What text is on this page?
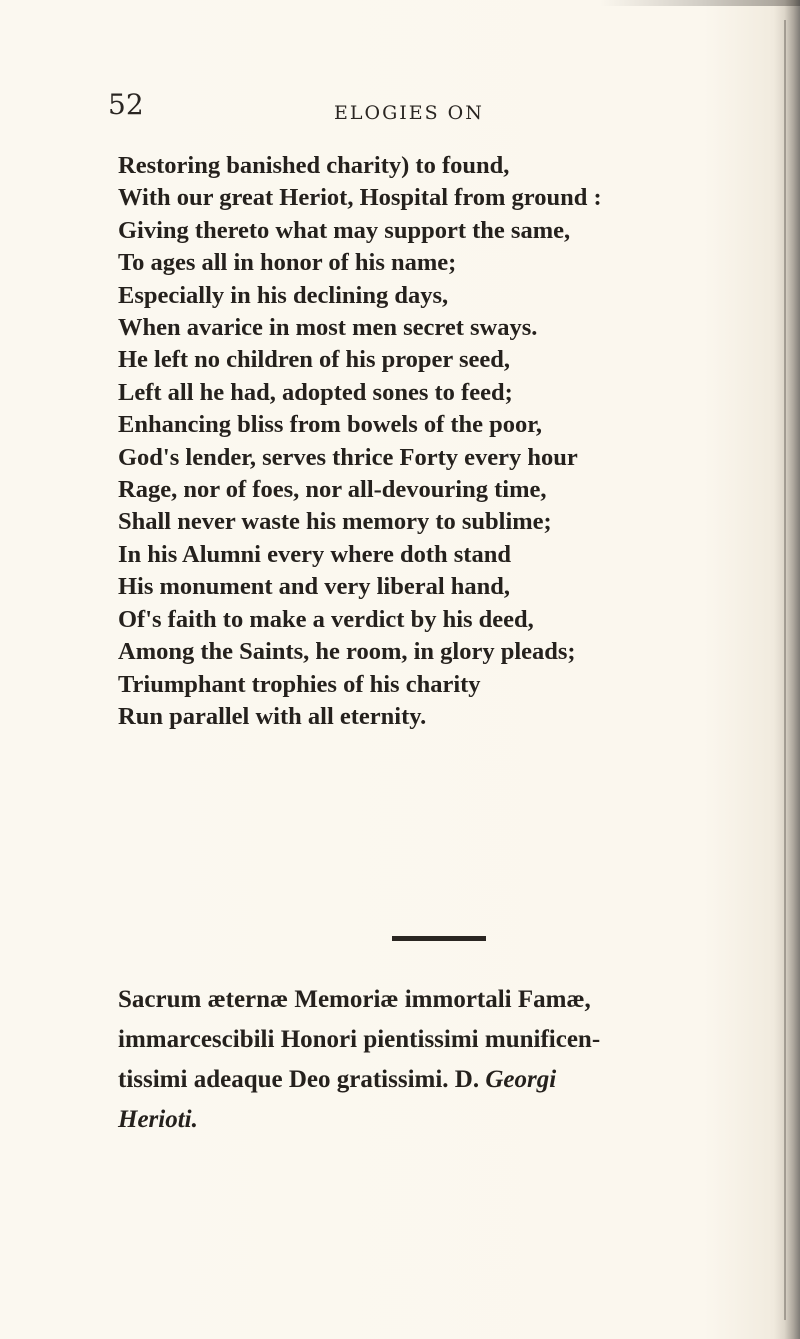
52	ELOGIES ON
Restoring banished charity) to found,
With our great Heriot, Hospital from ground :
Giving thereto what may support the same,
To ages all in honor of his name;
Especially in his declining days,
When avarice in most men secret sways.
He left no children of his proper seed,
Left all he had, adopted sones to feed;
Enhancing bliss from bowels of the poor,
God's lender, serves thrice Forty every hour
Rage, nor of foes, nor all-devouring time,
Shall never waste his memory to sublime;
In his Alumni every where doth stand
His monument and very liberal hand,
Of's faith to make a verdict by his deed,
Among the Saints, he room, in glory pleads;
Triumphant trophies of his charity
Run parallel with all eternity.
Sacrum æternæ Memoriæ immortali Famæ,
immarcescibili Honori pientissimi munificen-
tissimi adeaque Deo gratissimi. D. Georgi
Herioti.
